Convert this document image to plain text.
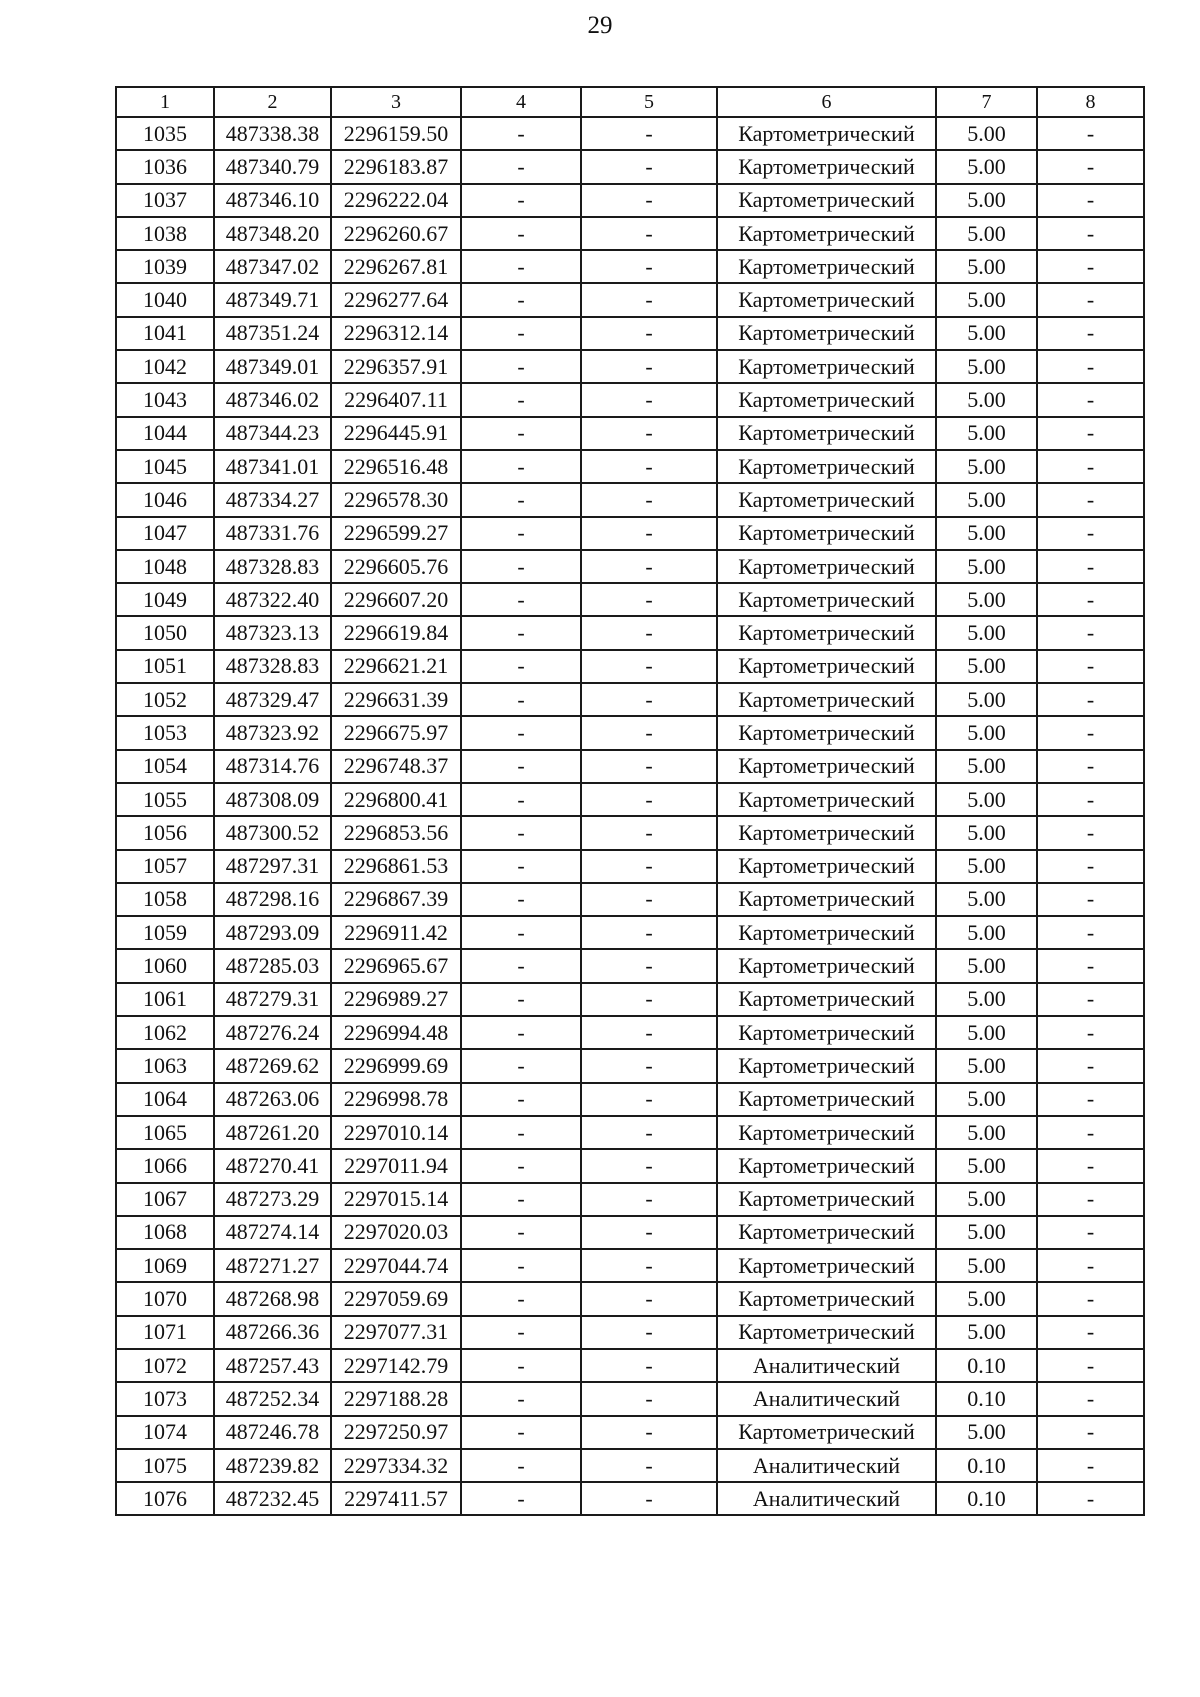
29
1	2	3	4	5	6	7	8
1035	487338.38	2296159.50	-	-	Картометрический	5.00	-
1036	487340.79	2296183.87	-	-	Картометрический	5.00	-
1037	487346.10	2296222.04	-	-	Картометрический	5.00	-
1038	487348.20	2296260.67	-	-	Картометрический	5.00	-
1039	487347.02	2296267.81	-	-	Картометрический	5.00	-
1040	487349.71	2296277.64	-	-	Картометрический	5.00	-
1041	487351.24	2296312.14	-	-	Картометрический	5.00	-
1042	487349.01	2296357.91	-	-	Картометрический	5.00	-
1043	487346.02	2296407.11	-	-	Картометрический	5.00	-
1044	487344.23	2296445.91	-	-	Картометрический	5.00	-
1045	487341.01	2296516.48	-	-	Картометрический	5.00	-
1046	487334.27	2296578.30	-	-	Картометрический	5.00	-
1047	487331.76	2296599.27	-	-	Картометрический	5.00	-
1048	487328.83	2296605.76	-	-	Картометрический	5.00	-
1049	487322.40	2296607.20	-	-	Картометрический	5.00	-
1050	487323.13	2296619.84	-	-	Картометрический	5.00	-
1051	487328.83	2296621.21	-	-	Картометрический	5.00	-
1052	487329.47	2296631.39	-	-	Картометрический	5.00	-
1053	487323.92	2296675.97	-	-	Картометрический	5.00	-
1054	487314.76	2296748.37	-	-	Картометрический	5.00	-
1055	487308.09	2296800.41	-	-	Картометрический	5.00	-
1056	487300.52	2296853.56	-	-	Картометрический	5.00	-
1057	487297.31	2296861.53	-	-	Картометрический	5.00	-
1058	487298.16	2296867.39	-	-	Картометрический	5.00	-
1059	487293.09	2296911.42	-	-	Картометрический	5.00	-
1060	487285.03	2296965.67	-	-	Картометрический	5.00	-
1061	487279.31	2296989.27	-	-	Картометрический	5.00	-
1062	487276.24	2296994.48	-	-	Картометрический	5.00	-
1063	487269.62	2296999.69	-	-	Картометрический	5.00	-
1064	487263.06	2296998.78	-	-	Картометрический	5.00	-
1065	487261.20	2297010.14	-	-	Картометрический	5.00	-
1066	487270.41	2297011.94	-	-	Картометрический	5.00	-
1067	487273.29	2297015.14	-	-	Картометрический	5.00	-
1068	487274.14	2297020.03	-	-	Картометрический	5.00	-
1069	487271.27	2297044.74	-	-	Картометрический	5.00	-
1070	487268.98	2297059.69	-	-	Картометрический	5.00	-
1071	487266.36	2297077.31	-	-	Картометрический	5.00	-
1072	487257.43	2297142.79	-	-	Аналитический	0.10	-
1073	487252.34	2297188.28	-	-	Аналитический	0.10	-
1074	487246.78	2297250.97	-	-	Картометрический	5.00	-
1075	487239.82	2297334.32	-	-	Аналитический	0.10	-
1076	487232.45	2297411.57	-	-	Аналитический	0.10	-
